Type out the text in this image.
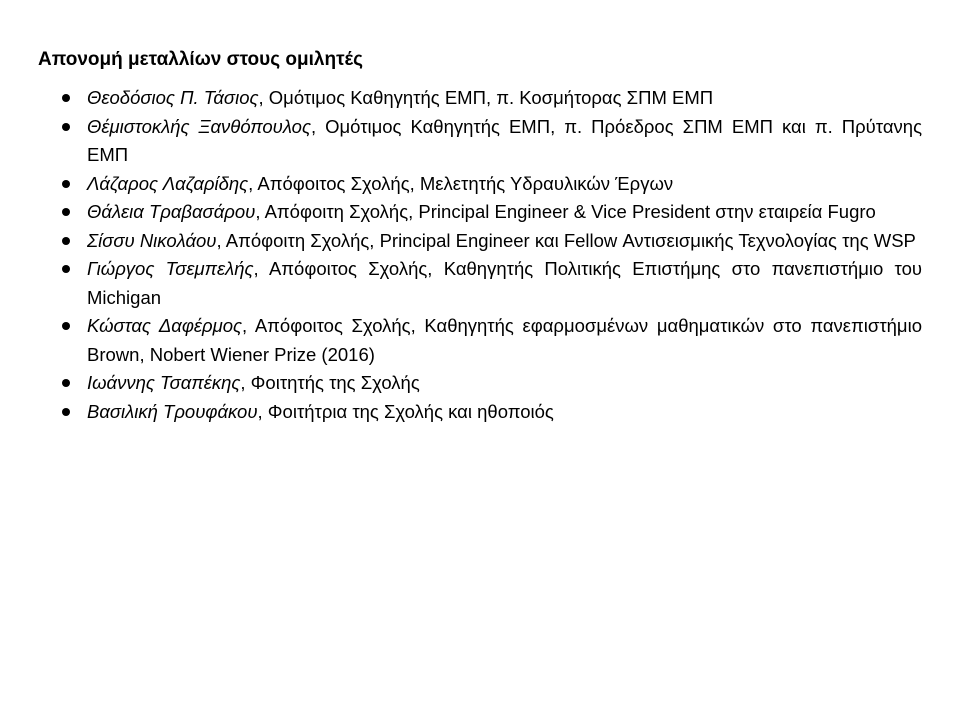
Απονομή μεταλλίων στους ομιλητές
Θεοδόσιος Π. Τάσιος, Ομότιμος Καθηγητής ΕΜΠ, π. Κοσμήτορας ΣΠΜ ΕΜΠ
Θέμιστοκλής Ξανθόπουλος, Ομότιμος Καθηγητής ΕΜΠ, π. Πρόεδρος ΣΠΜ ΕΜΠ και π. Πρύτανης ΕΜΠ
Λάζαρος Λαζαρίδης, Απόφοιτος Σχολής, Μελετητής Υδραυλικών Έργων
Θάλεια Τραβασάρου, Απόφοιτη Σχολής, Principal Engineer & Vice President στην εταιρεία Fugro
Σίσσυ Νικολάου, Απόφοιτη Σχολής, Principal Engineer και Fellow Αντισεισμικής Τεχνολογίας της WSP
Γιώργος Τσεμπελής, Απόφοιτος Σχολής, Καθηγητής Πολιτικής Επιστήμης στο πανεπιστήμιο του Michigan
Κώστας Δαφέρμος, Απόφοιτος Σχολής, Καθηγητής εφαρμοσμένων μαθηματικών στο πανεπιστήμιο Brown, Nobert Wiener Prize (2016)
Ιωάννης Τσαπέκης, Φοιτητής της Σχολής
Βασιλική Τρουφάκου, Φοιτήτρια της Σχολής και ηθοποιός
